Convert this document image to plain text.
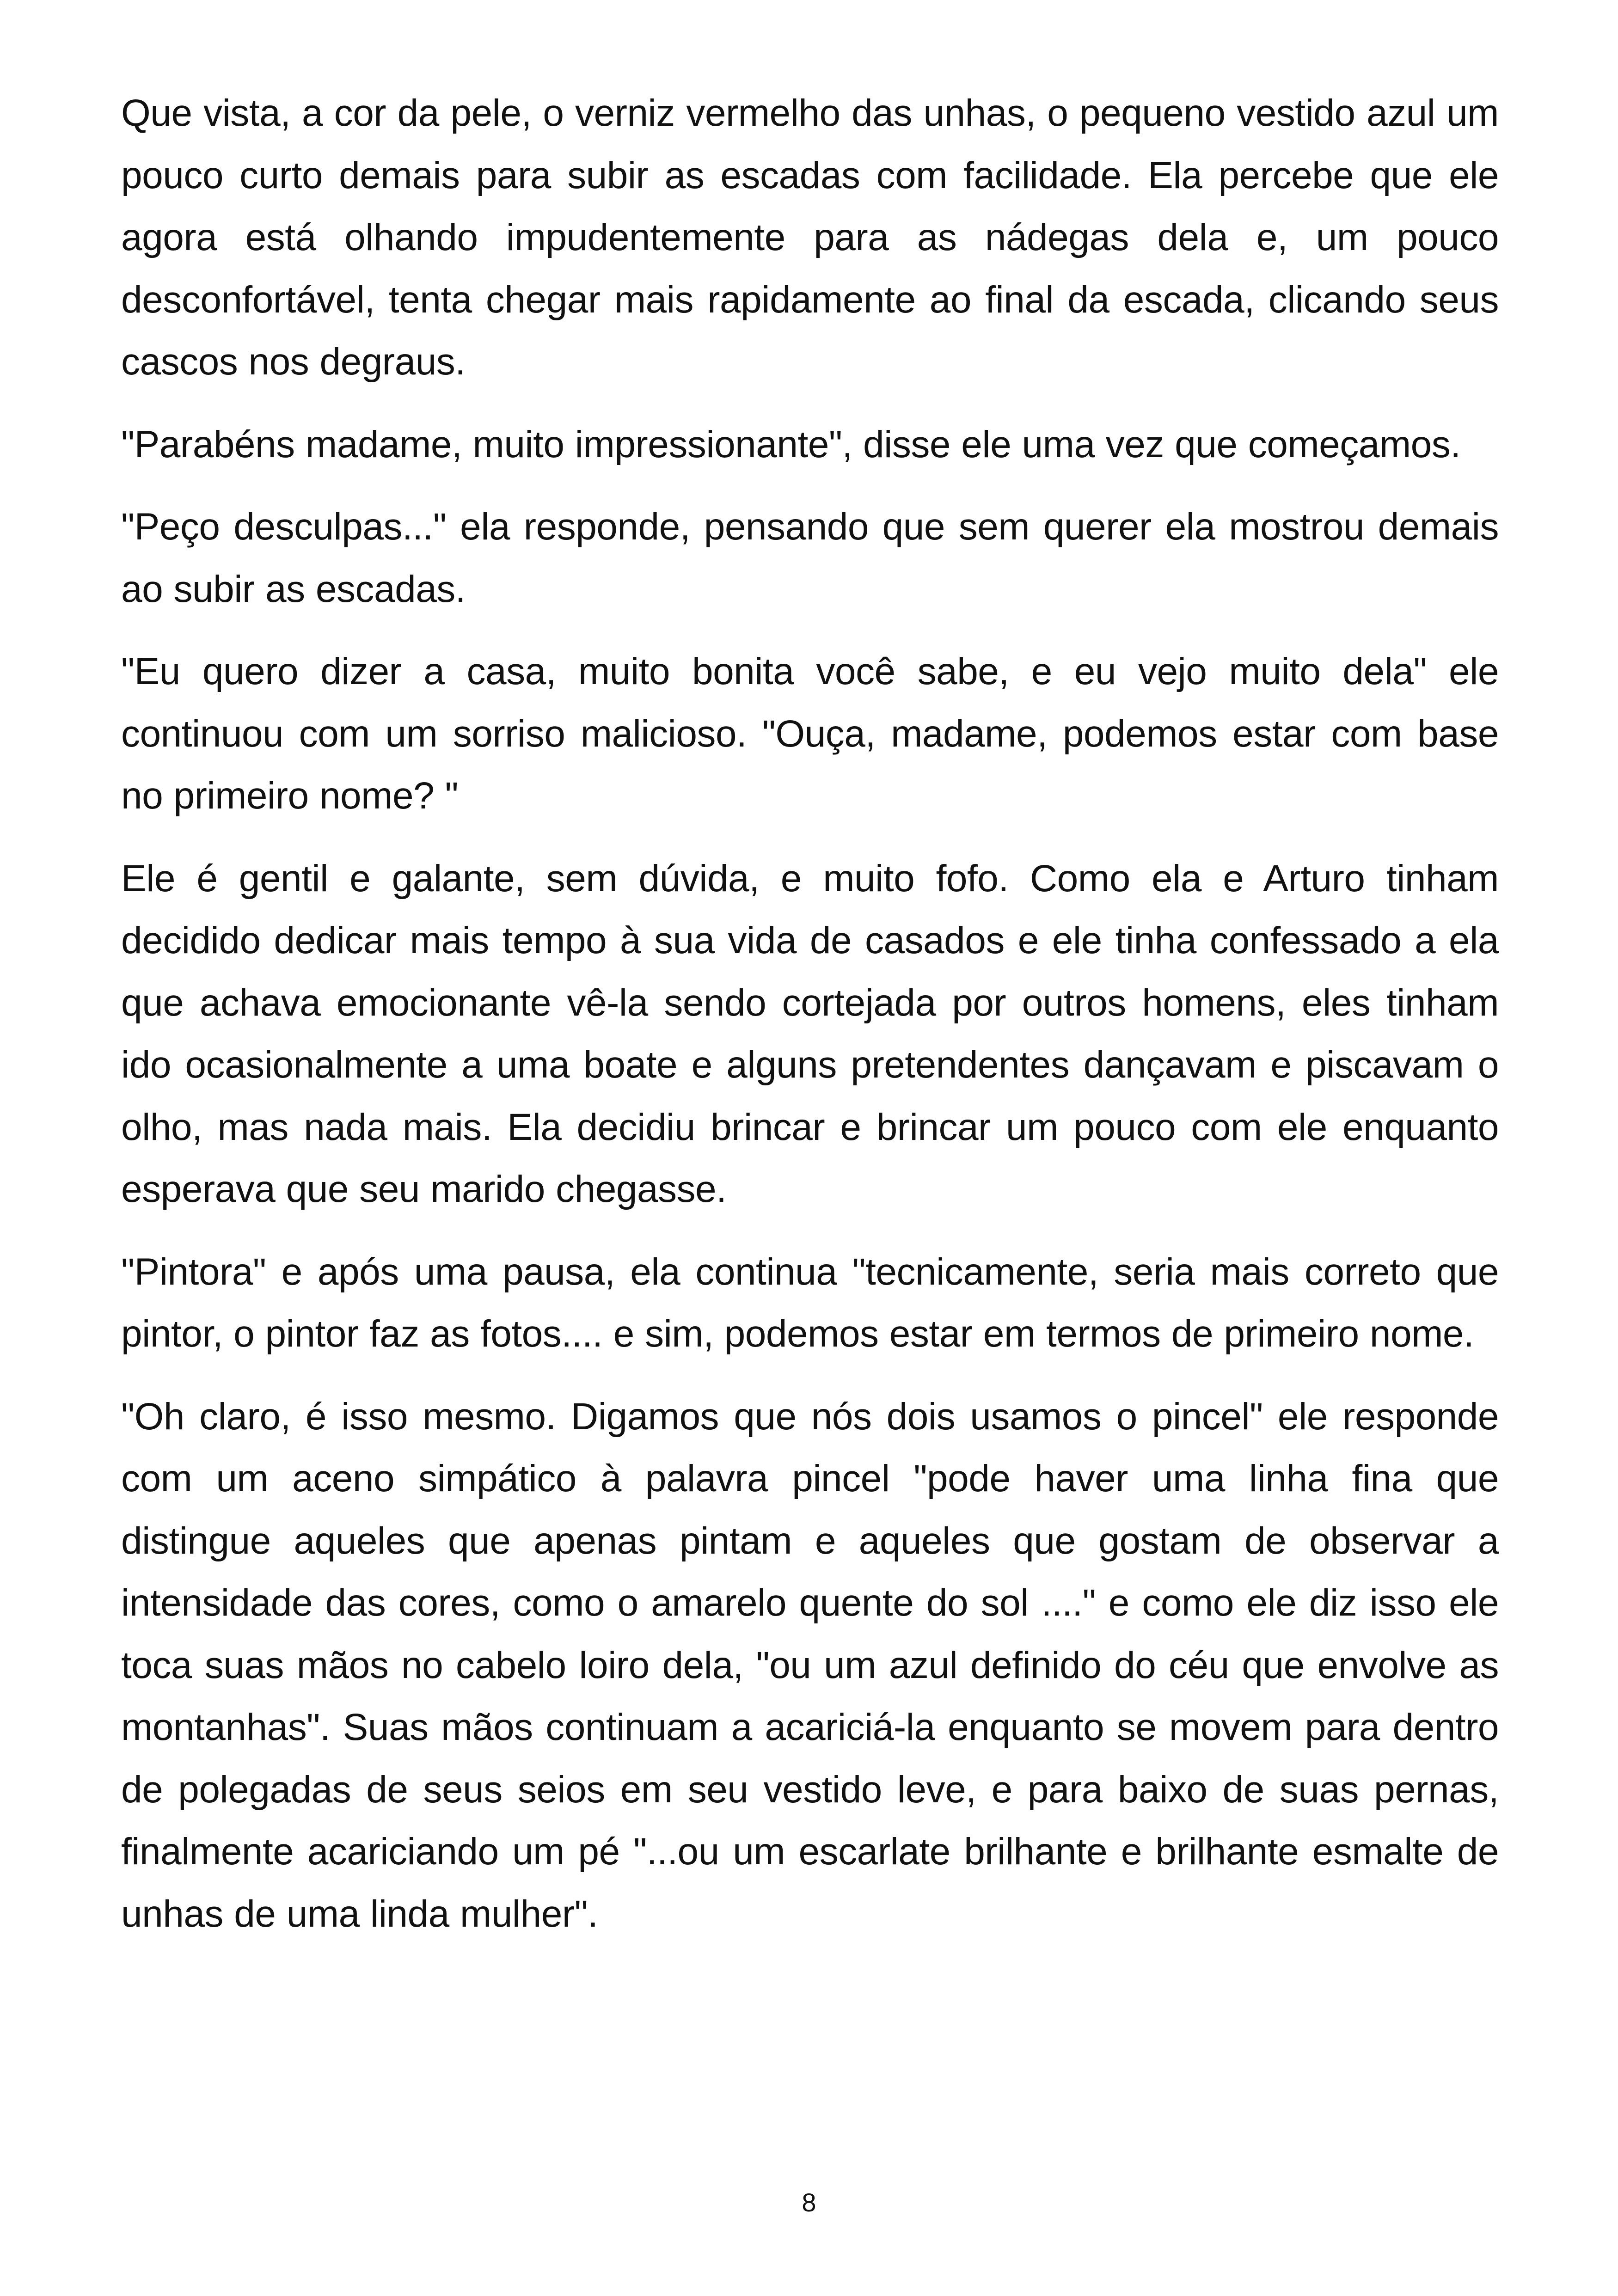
Que vista, a cor da pele, o verniz vermelho das unhas, o pequeno vestido azul um pouco curto demais para subir as escadas com facilidade. Ela percebe que ele agora está olhando impudentemente para as nádegas dela e, um pouco desconfortável, tenta chegar mais rapidamente ao final da escada, clicando seus cascos nos degraus.

"Parabéns madame, muito impressionante", disse ele uma vez que começamos.

"Peço desculpas..." ela responde, pensando que sem querer ela mostrou demais ao subir as escadas.

"Eu quero dizer a casa, muito bonita você sabe, e eu vejo muito dela" ele continuou com um sorriso malicioso. "Ouça, madame, podemos estar com base no primeiro nome? "

Ele é gentil e galante, sem dúvida, e muito fofo. Como ela e Arturo tinham decidido dedicar mais tempo à sua vida de casados e ele tinha confessado a ela que achava emocionante vê-la sendo cortejada por outros homens, eles tinham ido ocasionalmente a uma boate e alguns pretendentes dançavam e piscavam o olho, mas nada mais. Ela decidiu brincar e brincar um pouco com ele enquanto esperava que seu marido chegasse.

"Pintora" e após uma pausa, ela continua "tecnicamente, seria mais correto que pintor, o pintor faz as fotos.... e sim, podemos estar em termos de primeiro nome.

"Oh claro, é isso mesmo. Digamos que nós dois usamos o pincel" ele responde com um aceno simpático à palavra pincel "pode haver uma linha fina que distingue aqueles que apenas pintam e aqueles que gostam de observar a intensidade das cores, como o amarelo quente do sol ...." e como ele diz isso ele toca suas mãos no cabelo loiro dela, "ou um azul definido do céu que envolve as montanhas". Suas mãos continuam a acariciá-la enquanto se movem para dentro de polegadas de seus seios em seu vestido leve, e para baixo de suas pernas, finalmente acariciando um pé "...ou um escarlate brilhante e brilhante esmalte de unhas de uma linda mulher".

8
